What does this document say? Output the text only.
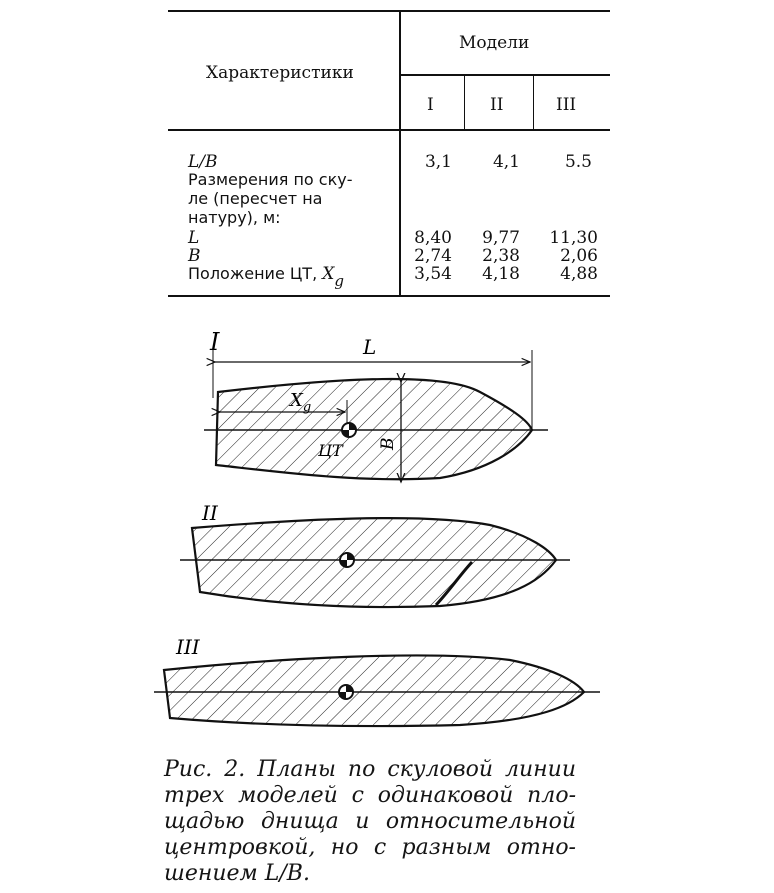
Характеристики
Модели
I	II	III
L/B	3,1	4,1	5.5
Размерения по ску-
ле (пересчет на
натуру), м:
L	8,40	9,77	11,30
B	2,74	2,38	2,06
Положение ЦТ, $X_g$	3,54	4,18	4,88
I	L
B
$X_g$
ЦТ
II
III
Рис. 2. Планы по скуловой линии
трех моделей с одинаковой пло-
щадью днища и относительной
центровкой, но с разным отно-
шением L/B.
